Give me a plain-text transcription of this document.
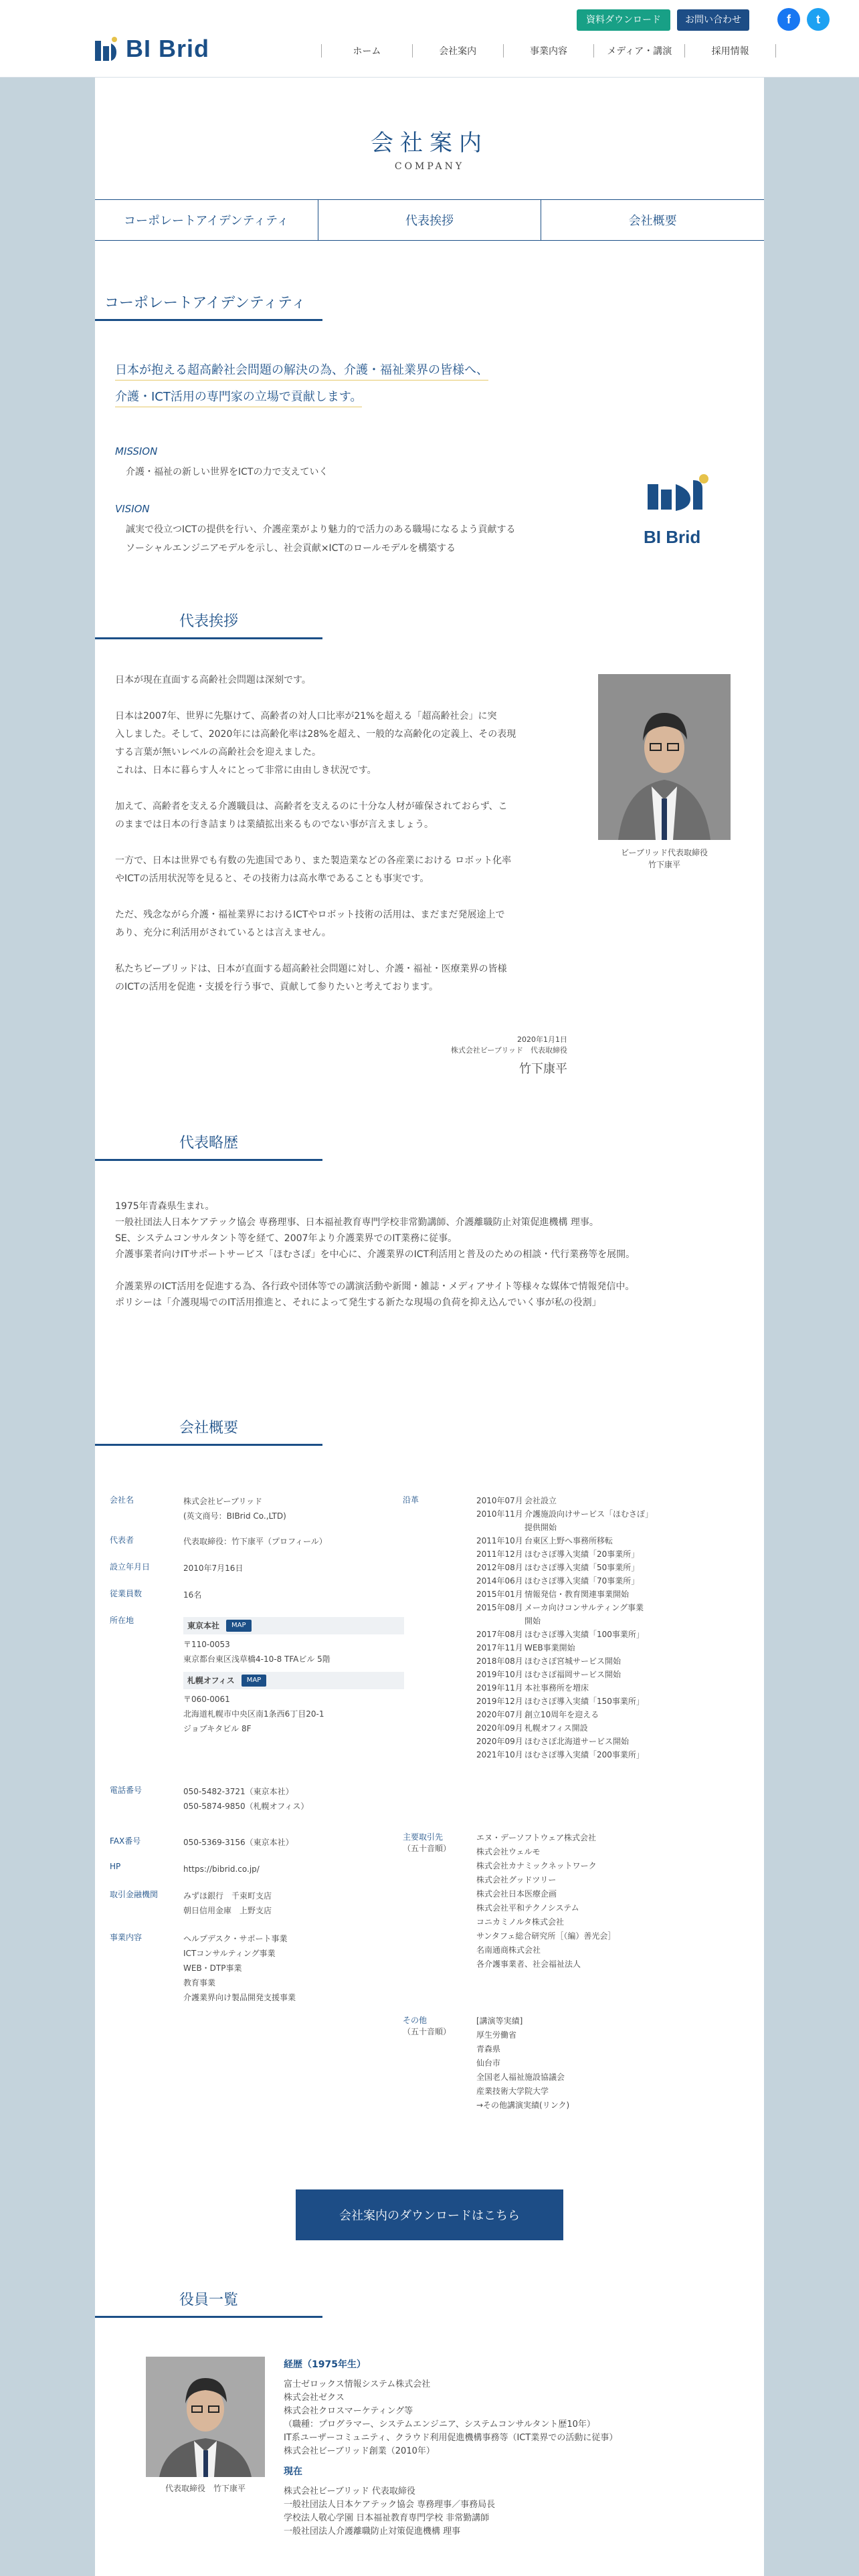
BI Brid
資料ダウンロード	お問い合わせ	f	t
ホーム	会社案内	事業内容	メディア・講演	採用情報
会社案内

COMPANY

コーポレートアイデンティティ	代表挨拶	会社概要
コーポレートアイデンティティ
日本が抱える超高齢社会問題の解決の為、介護・福祉業界の皆様へ、
介護・ICT活用の専門家の立場で貢献します。
MISSION
介護・福祉の新しい世界をICTの力で支えていく
VISION
誠実で役立つICTの提供を行い、介護産業がより魅力的で活力のある職場になるよう貢献する
ソーシャルエンジニアモデルを示し、社会貢献×ICTのロールモデルを構築する
BI Brid
代表挨拶

日本が現在直面する高齢社会問題は深刻です。

日本は2007年、世界に先駆けて、高齢者の対人口比率が21%を超える「超高齢社会」に突
入しました。そして、2020年には高齢化率は28%を超え、一般的な高齢化の定義上、その表現
する言葉が無いレベルの高齢社会を迎えました。
これは、日本に暮らす人々にとって非常に由由しき状況です。

加えて、高齢者を支える介護職員は、高齢者を支えるのに十分な人材が確保されておらず、こ
のままでは日本の行き詰まりは業績拡出来るものでない事が言えましょう。

一方で、日本は世界でも有数の先進国であり、また製造業などの各産業における ロボット化率
やICTの活用状況等を見ると、その技術力は高水準であることも事実です。

ただ、残念ながら介護・福祉業界におけるICTやロボット技術の活用は、まだまだ発展途上で
あり、充分に利活用がされているとは言えません。

私たちビーブリッドは、日本が直面する超高齢社会問題に対し、介護・福祉・医療業界の皆様
のICTの活用を促進・支援を行う事で、貢献して参りたいと考えております。

ビーブリッド代表取締役
竹下康平
2020年1月1日
株式会社ビーブリッド　代表取締役
竹下康平
代表略歴

1975年青森県生まれ。
一般社団法人日本ケアテック協会 専務理事、日本福祉教育専門学校非常勤講師、介護離職防止対策促進機構 理事。
SE、システムコンサルタント等を経て、2007年より介護業界でのIT業務に従事。
介護事業者向けITサポートサービス「ほむさぽ」を中心に、介護業界のICT利活用と普及のための相談・代行業務等を展開。

介護業界のICT活用を促進する為、各行政や団体等での講演活動や新聞・雑誌・メディアサイト等様々な媒体で情報発信中。
ポリシーは「介護現場でのIT活用推進と、それによって発生する新たな現場の負荷を抑え込んでいく事が私の役割」

会社概要
会社名	株式会社ビーブリッド
(英文商号：BIBrid Co.,LTD)
代表者	代表取締役：竹下康平（プロフィール）
設立年月日	2010年7月16日
従業員数	16名
所在地
東京本社	MAP
〒110-0053
東京都台東区浅草橋4-10-8 TFAビル 5階
札幌オフィス	MAP
〒060-0061
北海道札幌市中央区南1条西6丁目20-1
ジョブキタビル 8F
電話番号	050-5482-3721（東京本社）
050-5874-9850（札幌オフィス）
FAX番号	050-5369-3156（東京本社）
HP	https://bibrid.co.jp/
取引金融機関	みずほ銀行　千束町支店
朝日信用金庫　上野支店
事業内容	ヘルプデスク・サポート事業
ICTコンサルティング事業
WEB・DTP事業
教育事業
介護業界向け製品開発支援事業
沿革	2010年07月 会社設立
2010年11月 介護施設向けサービス「ほむさぽ」
提供開始
2011年10月 台東区上野へ事務所移転
2011年12月 ほむさぽ導入実績「20事業所」
2012年08月 ほむさぽ導入実績「50事業所」
2014年06月 ほむさぽ導入実績「70事業所」
2015年01月 情報発信・教育関連事業開始
2015年08月 メーカ向けコンサルティング事業
開始
2017年08月 ほむさぽ導入実績「100事業所」
2017年11月 WEB事業開始
2018年08月 ほむさぽ宮城サービス開始
2019年10月 ほむさぽ福岡サービス開始
2019年11月 本社事務所を増床
2019年12月 ほむさぽ導入実績「150事業所」
2020年07月 創立10周年を迎える
2020年09月 札幌オフィス開設
2020年09月 ほむさぽ北海道サービス開始
2021年10月 ほむさぽ導入実績「200事業所」
主要取引先
（五十音順）
エヌ・デーソフトウェア株式会社
株式会社ウェルモ
株式会社カナミックネットワーク
株式会社グッドツリー
株式会社日本医療企画
株式会社平和テクノシステム
コニカミノルタ株式会社
サンタフェ総合研究所［（編）善光会］
名南通商株式会社
各介護事業者、社会福祉法人
その他
（五十音順）
[講演等実績]
厚生労働省
青森県
仙台市
全国老人福祉施設協議会
産業技術大学院大学
→その他講演実績(リンク)
会社案内のダウンロードはこちら
役員一覧
代表取締役　竹下康平
経歴（1975年生）
富士ゼロックス情報システム株式会社
株式会社ゼクス
株式会社クロスマーケティング等
（職種：プログラマー、システムエンジニア、システムコンサルタント歴10年）
IT系ユーザーコミュニティ、クラウド利用促進機構事務等（ICT業界での活動に従事）
株式会社ビーブリッド創業（2010年）
現在
株式会社ビーブリッド 代表取締役
一般社団法人日本ケアテック協会 専務理事／事務局長
学校法人敬心学園 日本福祉教育専門学校 非常勤講師
一般社団法人介護離職防止対策促進機構 理事
